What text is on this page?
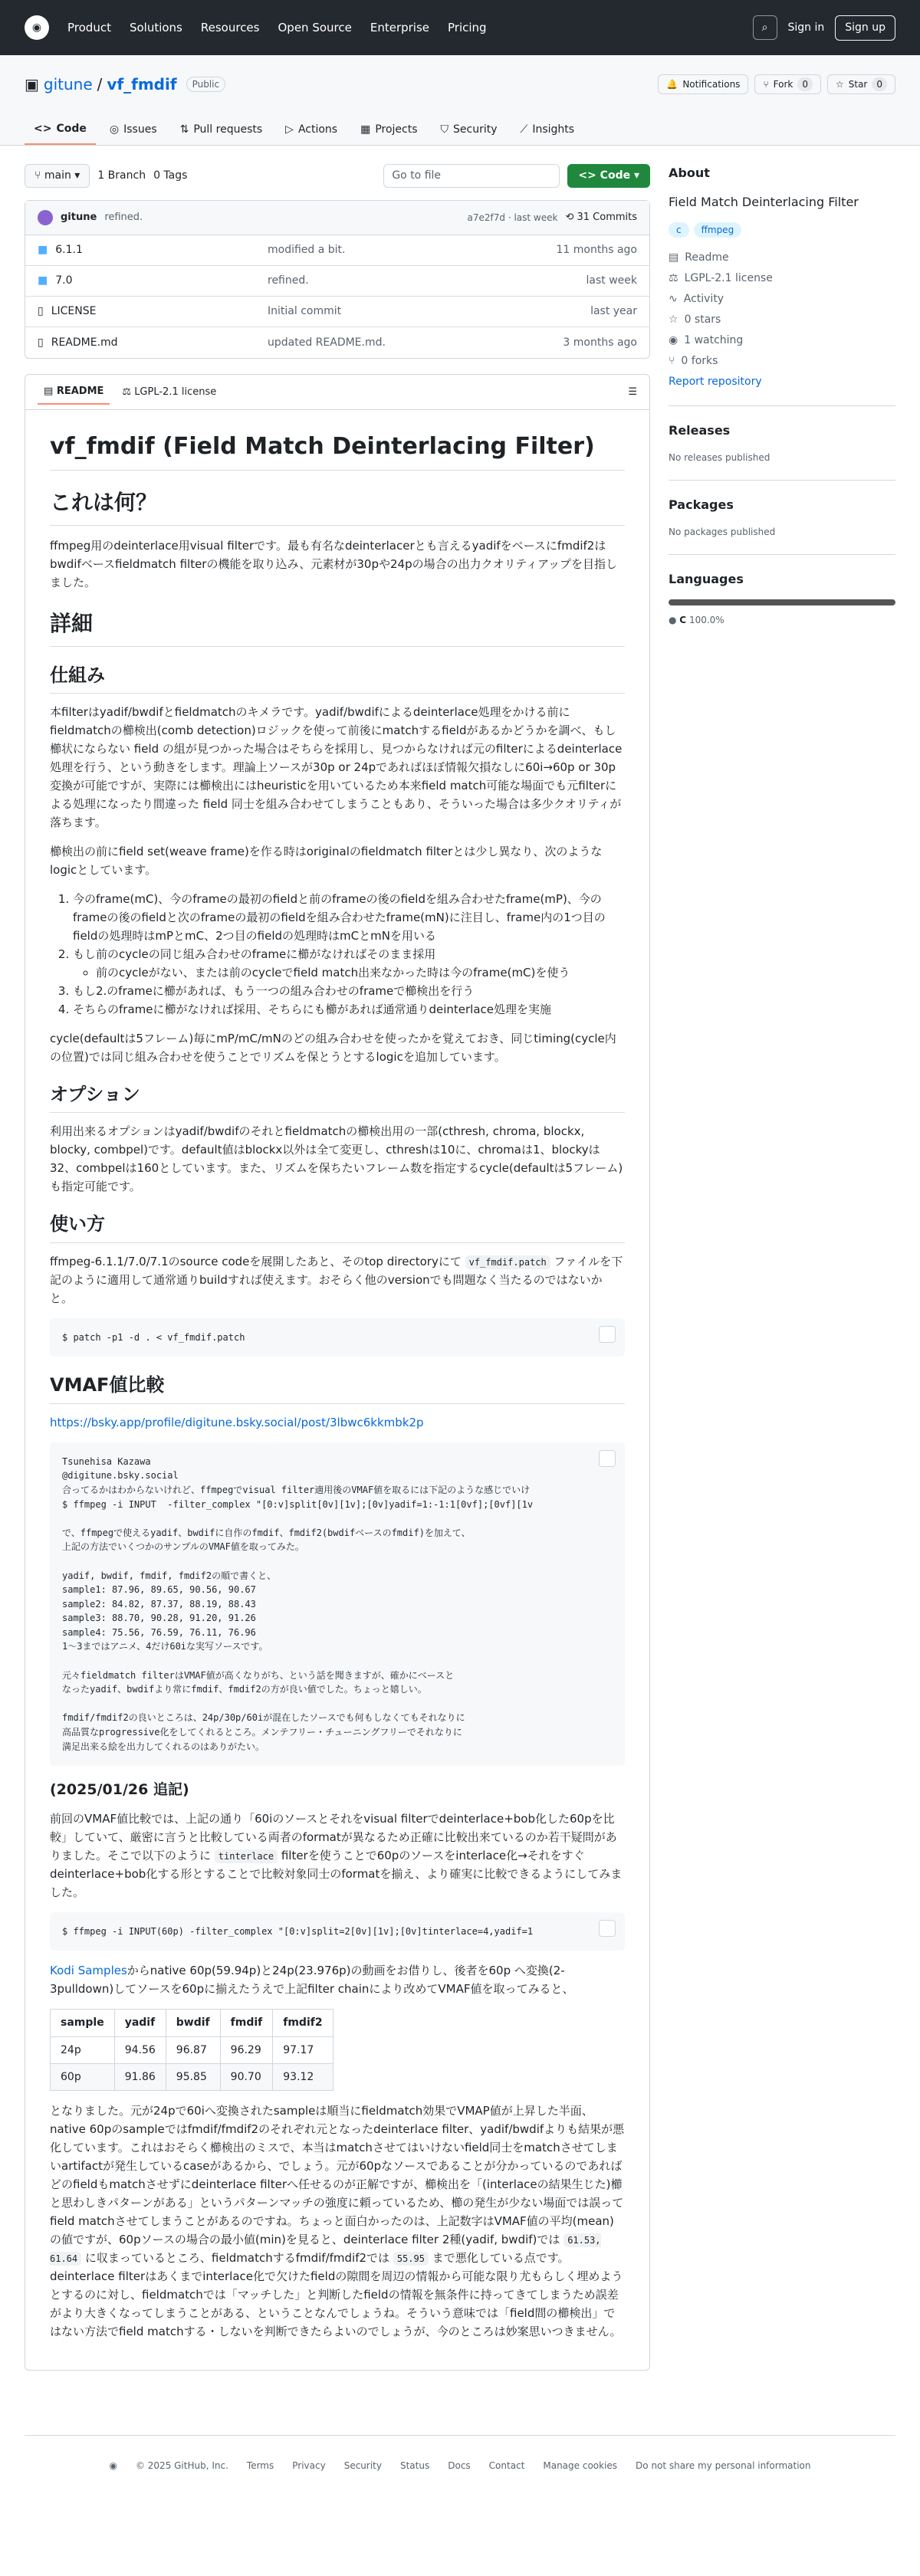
◉	Product Solutions Resources Open Source Enterprise Pricing	⌕	Sign in	Sign up
▣ gitune / vf_fmdif	Public	🔔 Notifications	⑂ Fork	0	☆ Star	0
<> Code ◎ Issues ⇅ Pull requests ▷ Actions ▦ Projects ⛉ Security ⟋ Insights
⑂ main ▾	1 Branch 0 Tags	Go to file	<> Code ▾
gitune refined.	a7e2f7d · last week ⟲ 31 Commits
■ 6.1.1	modified a bit.	11 months ago
■ 7.0	refined.	last week
▯ LICENSE	Initial commit	last year
▯ README.md	updated README.md.	3 months ago
▤ README	⚖ LGPL-2.1 license	☰
vf_fmdif (Field Match Deinterlacing Filter)
これは何？

ffmpeg用のdeinterlace用visual filterです。最も有名なdeinterlacerとも言えるyadifをベースにfmdif2はbwdifベースfieldmatch filterの機能を取り込み、元素材が30pや24pの場合の出力クオリティアップを目指しました。

詳細
仕組み

本filterはyadif/bwdifとfieldmatchのキメラです。yadif/bwdifによるdeinterlace処理をかける前にfieldmatchの櫛検出(comb detection)ロジックを使って前後にmatchするfieldがあるかどうかを調べ、もし櫛状にならない field の組が見つかった場合はそちらを採用し、見つからなければ元のfilterによるdeinterlace処理を行う、という動きをします。理論上ソースが30p or 24pであればほぼ情報欠損なしに60i→60p or 30p変換が可能ですが、実際には櫛検出にはheuristicを用いているため本来field match可能な場面でも元filterによる処理になったり間違った field 同士を組み合わせてしまうこともあり、そういった場合は多少クオリティが落ちます。

櫛検出の前にfield set(weave frame)を作る時はoriginalのfieldmatch filterとは少し異なり、次のようなlogicとしています。

1. 今のframe(mC)、今のframeの最初のfieldと前のframeの後のfieldを組み合わせたframe(mP)、今のframeの後のfieldと次のframeの最初のfieldを組み合わせたframe(mN)に注目し、frame内の1つ目のfieldの処理時はmPとmC、2つ目のfieldの処理時はmCとmNを用いる
2. もし前のcycleの同じ組み合わせのframeに櫛がなければそのまま採用
◦ 前のcycleがない、または前のcycleでfield match出来なかった時は今のframe(mC)を使う
3. もし2.のframeに櫛があれば、もう一つの組み合わせのframeで櫛検出を行う
4. そちらのframeに櫛がなければ採用、そちらにも櫛があれば通常通りdeinterlace処理を実施

cycle(defaultは5フレーム)毎にmP/mC/mNのどの組み合わせを使ったかを覚えておき、同じtiming(cycle内の位置)では同じ組み合わせを使うことでリズムを保とうとするlogicを追加しています。

オプション

利用出来るオプションはyadif/bwdifのそれとfieldmatchの櫛検出用の一部(cthresh, chroma, blockx, blocky, combpel)です。default値はblockx以外は全て変更し、cthreshは10に、chromaは1、blockyは32、combpelは160としています。また、リズムを保ちたいフレーム数を指定するcycle(defaultは5フレーム)も指定可能です。

使い方

ffmpeg-6.1.1/7.0/7.1のsource codeを展開したあと、そのtop directoryにて vf_fmdif.patch ファイルを下記のように適用して通常通りbuildすれば使えます。おそらく他のversionでも問題なく当たるのではないかと。

$ patch -p1 -d . < vf_fmdif.patch
VMAF値比較

https://bsky.app/profile/digitune.bsky.social/post/3lbwc6kkmbk2p

Tsunehisa Kazawa
@digitune.bsky.social
合ってるかはわからないけれど、ffmpegでvisual filter適用後のVMAF値を取るには下記のような感じでいけ
$ ffmpeg -i INPUT  -filter_complex "[0:v]split[0v][1v];[0v]yadif=1:-1:1[0vf];[0vf][1v

で、ffmpegで使えるyadif、bwdifに自作のfmdif、fmdif2(bwdifベースのfmdif)を加えて、
上記の方法でいくつかのサンプルのVMAF値を取ってみた。

yadif, bwdif, fmdif, fmdif2の順で書くと、
sample1: 87.96, 89.65, 90.56, 90.67
sample2: 84.82, 87.37, 88.19, 88.43
sample3: 88.70, 90.28, 91.20, 91.26
sample4: 75.56, 76.59, 76.11, 76.96
1～3まではアニメ、4だけ60iな実写ソースです。

元々fieldmatch filterはVMAF値が高くなりがち、という話を聞きますが、確かにベースと
なったyadif、bwdifより常にfmdif、fmdif2の方が良い値でした。ちょっと嬉しい。

fmdif/fmdif2の良いところは、24p/30p/60iが混在したソースでも何もしなくてもそれなりに
高品質なprogressive化をしてくれるところ。メンテフリー・チューニングフリーでそれなりに
満足出来る絵を出力してくれるのはありがたい。
(2025/01/26 追記)

前回のVMAF値比較では、上記の通り「60iのソースとそれをvisual filterでdeinterlace+bob化した60pを比較」していて、厳密に言うと比較している両者のformatが異なるため正確に比較出来ているのか若干疑問がありました。そこで以下のように tinterlace filterを使うことで60pのソースをinterlace化→それをすぐdeinterlace+bob化する形とすることで比較対象同士のformatを揃え、より確実に比較できるようにしてみました。

$ ffmpeg -i INPUT(60p) -filter_complex "[0:v]split=2[0v][1v];[0v]tinterlace=4,yadif=1

Kodi Samplesからnative 60p(59.94p)と24p(23.976p)の動画をお借りし、後者を60p へ変換(2-3pulldown)してソースを60pに揃えたうえで上記filter chainにより改めてVMAF値を取ってみると、

sample	yadif	bwdif	fmdif	fmdif2
24p	94.56	96.87	96.29	97.17
60p	91.86	95.85	90.70	93.12

となりました。元が24pで60iへ変換されたsampleは順当にfieldmatch効果でVMAP値が上昇した半面、native 60pのsampleではfmdif/fmdif2のそれぞれ元となったdeinterlace filter、yadif/bwdifよりも結果が悪化しています。これはおそらく櫛検出のミスで、本当はmatchさせてはいけないfield同士をmatchさせてしまいartifactが発生しているcaseがあるから、でしょう。元が60pなソースであることが分かっているのであればどのfieldもmatchさせずにdeinterlace filterへ任せるのが正解ですが、櫛検出を「(interlaceの結果生じた)櫛と思わしきパターンがある」というパターンマッチの強度に頼っているため、櫛の発生が少ない場面では誤ってfield matchさせてしまうことがあるのですね。ちょっと面白かったのは、上記数字はVMAF値の平均(mean)の値ですが、60pソースの場合の最小値(min)を見ると、deinterlace filter 2種(yadif, bwdif)では 61.53, 61.64 に収まっているところ、fieldmatchするfmdif/fmdif2では 55.95 まで悪化している点です。deinterlace filterはあくまでinterlace化で欠けたfieldの隙間を周辺の情報から可能な限り尤もらしく埋めようとするのに対し、fieldmatchでは「マッチした」と判断したfieldの情報を無条件に持ってきてしまうため誤差がより大きくなってしまうことがある、ということなんでしょうね。そういう意味では「field間の櫛検出」ではない方法でfield matchする・しないを判断できたらよいのでしょうが、今のところは妙案思いつきません。

About
Field Match Deinterlacing Filter
c	ffmpeg
▤ Readme
⚖ LGPL-2.1 license
∿ Activity
☆ 0 stars
◉ 1 watching
⑂ 0 forks
Report repository
Releases
No releases published
Packages
No packages published
Languages
● C 100.0%
◉ © 2025 GitHub, Inc. Terms Privacy Security Status Docs Contact Manage cookies Do not share my personal information
